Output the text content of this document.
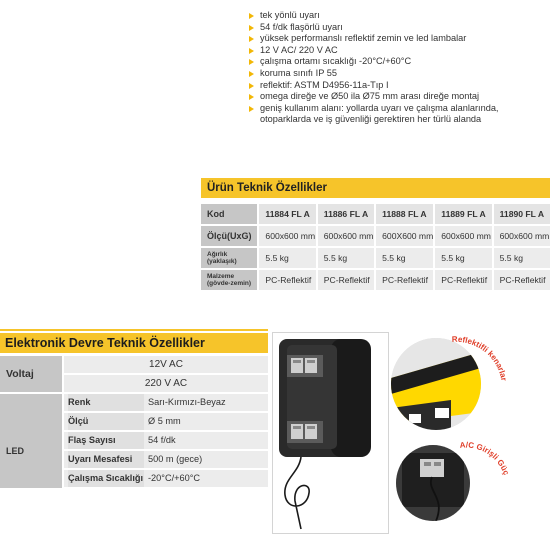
tek yönlü uyarı
54 f/dk flaşörlü uyarı
yüksek performanslı reflektif zemin ve led lambalar
12 V AC/ 220 V AC
çalışma ortamı sıcaklığı -20°C/+60°C
koruma sınıfı IP 55
reflektif: ASTM D4956-11a-Tıp I
omega direğe ve Ø50 ila Ø75 mm arası direğe montaj
geniş kullanım alanı: yollarda uyarı ve çalışma alanlarında, otoparklarda ve iş güvenliği gerektiren her türlü alanda
Ürün Teknik Özellikler
Kod	11884 FL A	11886 FL A	11888 FL A	11889 FL A	11890 FL A
Ölçü(UxG)	600x600 mm	600x600 mm	600X600 mm	600x600 mm	600x600 mm

Ağırlık
(yaklaşık)	5.5 kg	5.5 kg	5.5 kg	5.5 kg	5.5 kg

Malzeme
(gövde-zemin)	PC-Reflektif	PC-Reflektif	PC-Reflektif	PC-Reflektif	PC-Reflektif
Elektronik Devre Teknik Özellikler
Voltaj
12V AC
220 V AC
LED
Renk	Sarı-Kırmızı-Beyaz
Ölçü	Ø 5 mm
Flaş Sayısı	54 f/dk
Uyarı Mesafesi	500 m (gece)
Çalışma Sıcaklığı -20°C/+60°C
Reflektifli kenarlar
A/C Girişli Güç
